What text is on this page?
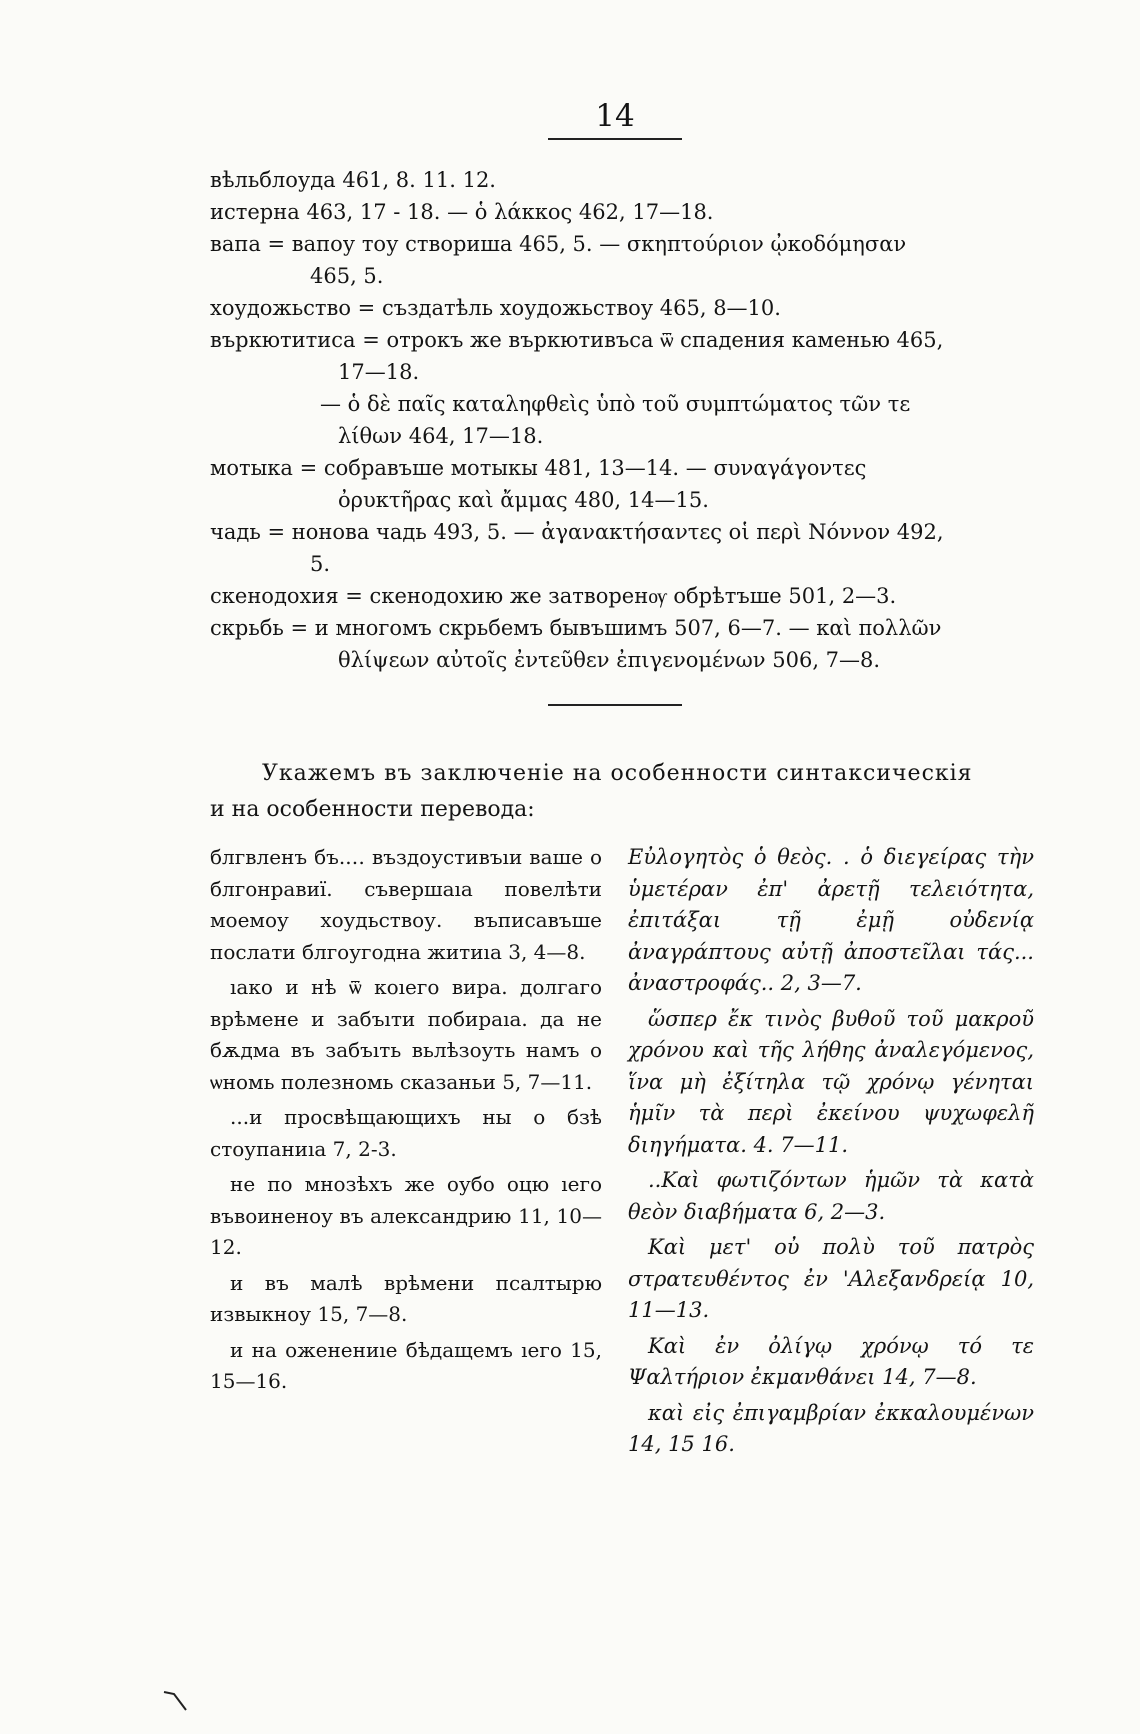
14
вѣльблоуда 461, 8. 11. 12.
истерна 463, 17 - 18. — ὁ λάκκος 462, 17—18.
вапа = вапоу тоу створиша 465, 5. — σκηπτούριον ᾠκοδόμησαν 465, 5.
хоудожьство = създатѣль хоудожьствоу 465, 8—10.
въркютитиса = отрокъ же въркютивъса ѿ спадения каменью 465, 17—18.
— ὁ δὲ παῖς καταληφθεὶς ὑπὸ τοῦ συμπτώματος τῶν τε λίθων 464, 17—18.
мотыка = собравъше мотыкы 481, 13—14. — συναγάγοντες ὀρυκτῆρας καὶ ἄμμας 480, 14—15.
чадь = нонова чадь 493, 5. — ἀγανακτήσαντες οἱ περὶ Νόννον 492, 5.
скенодохия = скенодохию же затворенѹ обрѣтъше 501, 2—3.
скрьбь = и многомъ скрьбемъ бывъшимъ 507, 6—7. — καὶ πολλῶν θλίψεων αὐτοῖς ἐντεῦθεν ἐπιγενομένων 506, 7—8.
Укажемъ въ заключеніе на особенности синтаксическія
и на особенности перевода:

блгвленъ бъ..‥ въздоустивъıи ваше о блгонравиї. съвершаıа повелѣти моемоу хоудьствоу. въписавъше послати блгоугодна житиıа 3, 4—8.

ıако и нѣ ѿ коıего вира. долгаго врѣмене и забъıти побираıа. да не бѫдма въ забъıть вьлѣзоуть намъ о ѡномь полезномь сказаньи 5, 7—11.

...и просвѣщающихъ ны о бзѣ стоупаниıа 7, 2-3.

не по мнозѣхъ же оубо оцю ıего въвоиненоу въ александрию 11, 10—12.

и въ малѣ врѣмени псалтырю извыкноу 15, 7—8.

и на оженениıе бѣдащемъ ıего 15, 15—16.

Εὐλογητὸς ὁ θεὸς. . ὁ διεγείρας τὴν ὑμετέραν ἐπ' ἀρετῇ τελειότητα, ἐπιτάξαι τῇ ἐμῇ οὐδενίᾳ ἀναγράπτους αὐτῇ ἀποστεῖλαι τάς... ἀναστροφάς.. 2, 3—7.

ὥσπερ ἔκ τινὸς βυθοῦ τοῦ μακροῦ χρόνου καὶ τῆς λήθης ἀναλεγόμενος, ἵνα μὴ ἐξίτηλα τῷ χρόνῳ γένηται ἡμῖν τὰ περὶ ἐκείνου ψυχωφελῆ διηγήματα. 4. 7—11.

..Καὶ φωτιζόντων ἡμῶν τὰ κατὰ θεὸν διαβήματα 6, 2—3.

Καὶ μετ' οὐ πολὺ τοῦ πατρὸς στρατευθέντος ἐν 'Αλεξανδρείᾳ 10, 11—13.

Καὶ ἐν ὀλίγῳ χρόνῳ τό τε Ψαλτήριον ἐκμανθάνει 14, 7—8.

καὶ εἰς ἐπιγαμβρίαν ἐκκαλουμένων 14, 15 16.
